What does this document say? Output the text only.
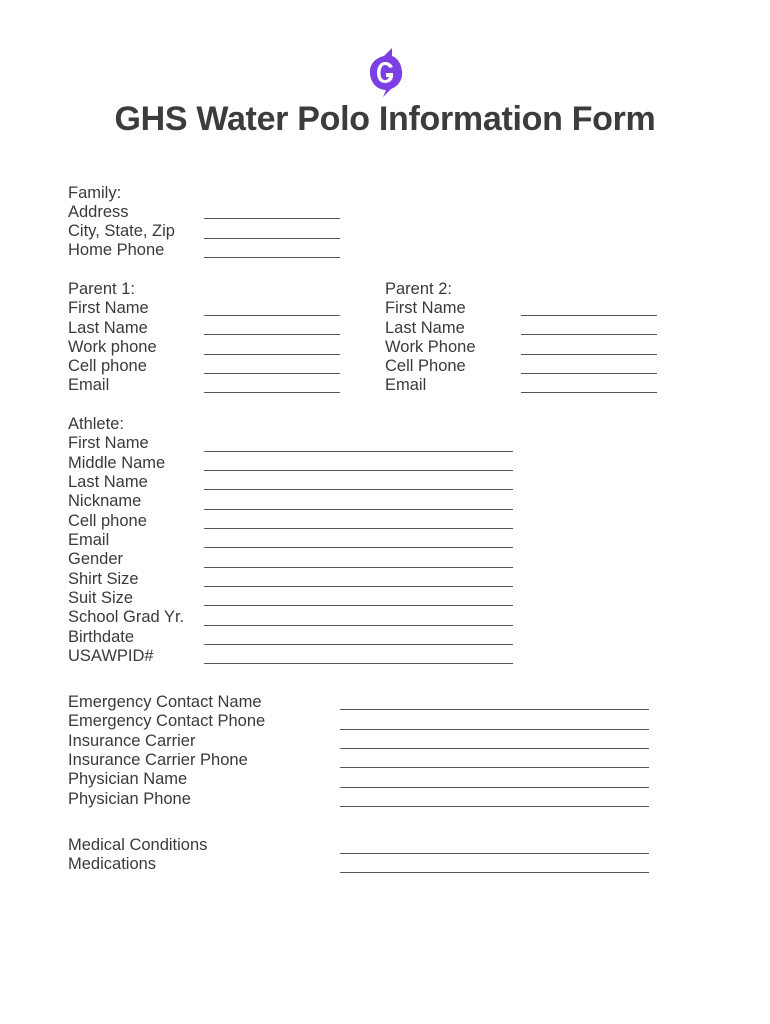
GHS Water Polo Information Form
Family:
Address
City, State, Zip
Home Phone
Parent 1:
First Name
Last Name
Work phone
Cell phone
Email
Parent 2:
First Name
Last Name
Work Phone
Cell Phone
Email
Athlete:
First Name
Middle Name
Last Name
Nickname
Cell phone
Email
Gender
Shirt Size
Suit Size
School Grad Yr.
Birthdate
USAWPID#
Emergency Contact Name
Emergency Contact Phone
Insurance Carrier
Insurance Carrier Phone
Physician Name
Physician Phone
Medical Conditions
Medications
